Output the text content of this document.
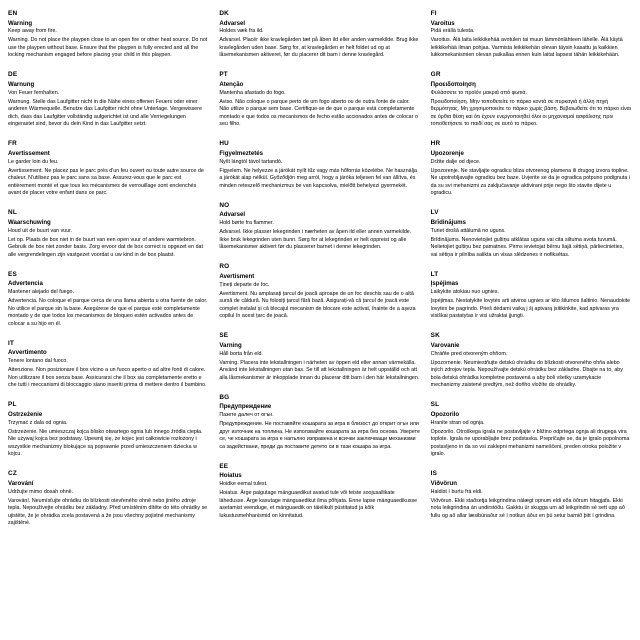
EN
Warning

Keep away from fire.

Warning. Do not place the playpen close to an open fire or other heat source. Do not use the playpen without base. Ensure that the playpen is fully erected and all the locking mechanism engaged before placing your child in this playpen.

DE
Warnung

Von Feuer fernhalten.

Warnung. Stelle das Laufgitter nicht in die Nähe eines offenen Feuers oder einer anderen Wärmequelle. Benutze das Laufgitter nicht ohne Unterlage. Vergewissere dich, dass das Laufgitter vollständig aufgerichtet ist und alle Verriegelungen eingerastet sind, bevor du dein Kind in das Laufgitter setzt.

FR
Avertissement

Le garder loin du feu.

Avertissement. Ne placez pas le parc près d'un feu ouvert ou toute autre source de chaleur. N'utilisez pas le parc sans sa base. Assurez-vous que le parc est entièrement monté et que tous les mécanismes de verrouillage sont enclenchés avant de placer votre enfant dans ce parc.

NL
Waarschuwing

Houd uit de buurt van vuur.

Let op. Plaats de box niet in de buurt van een open vuur of andere warmtebron. Gebruik de box niet zonder basis. Zorg ervoor dat de box correct is opgezet en dat alle vergrendelingen zijn vastgezet voordat u uw kind in de box plaatst.

ES
Advertencia

Mantener alejado del fuego.

Advertencia. No coloque el parque cerca de una llama abierta u otra fuente de calor. No utilice el parque sin la base. Asegúrese de que el parque esté completamente montado y de que todos los mecanismos de bloqueo estén activados antes de colocar a su hijo en él.

IT
Avvertimento

Tenere lontano dal fuoco.

Attenzione. Non posizionare il box vicino a un fuoco aperto o ad altre fonti di calore. Non utilizzare il box senza base. Assicurarsi che il box sia completamente eretto e che tutti i meccanismi di bloccaggio siano inseriti prima di mettere dentro il bambino.

PL
Ostrzeżenie

Trzymać z dala od ognia.

Ostrzeżenie. Nie umieszczaj kojca blisko otwartego ognia lub innego źródła ciepła. Nie używaj kojca bez podstawy. Upewnij się, że kojec jest całkowicie rozłożony i wszystkie mechanizmy blokujące są poprawnie przed umieszczeniem dziecka w kojcu.

CZ
Varování

Udržujte mimo dosah ohně.

Varování. Neumísťujte ohrádku do blízkosti otevřeného ohně nebo jiného zdroje tepla. Nepoužívejte ohrádku bez základny. Před umístěním dítěte do této ohrádky se ujistěte, že je ohrádka zcela postavená a že jsou všechny pojistné mechanismy zajištěné.

DK
Advarsel

Holdes væk fra ild.

Advarsel. Placér ikke kravlegården tæt på åben ild eller anden varmekilde. Brug ikke kravlegården uden base. Sørg for, at kravlegården er helt foldet ud og at låsemekanismen aktiveret, før du placerer dit barn i denne kravlegård.

PT
Atenção

Mantenha afastado do fogo.

Aviso. Não coloque o parque perto de um fogo aberto ou de outra fonte de calor. Não utilize o parque sem base. Certifique-se de que o parque está completamente montado e que todos os mecanismos de fecho estão accionados antes de colocar o seu filho.

HU
Figyelmeztetés

Nyílt lángtól távol tartandó.

Figyelem. Ne helyezze a járókát nyílt tűz vagy más hőforrás közelébe. Ne használja a járókát alap nélkül. Győződjön meg arról, hogy a járóka teljesen fel van állítva, és minden reteszelő mechanizmus be van kapcsolva, mielőtt behelyezi gyermekét.

NO
Advarsel

Hold børte fra flammer.

Advarsel. Ikke plasser lekegrinden i nærheten av åpen ild eller annen varmekilde. Ikke bruk lekegrinden uten bunn. Sørg for at lekegrinden er helt oppreist og alle låsemekanismer aktivert før du plasserer barnet i denne lekegrinden.

RO
Avertisment

Țineți departe de foc.

Avertisment. Nu amplasați țarcul de joacă aproape de un foc deschis sau de o altă sursă de căldură. Nu folosiți țarcul fără bază. Asigurați-vă că țarcul de joacă este complet instalat și că blocajul mecanism de blocare este activat, înainte de a așeza copilul în acest țarc de joacă.

SE
Varning

Håll borta från eld.

Varning. Placera inte lekstallningen i närheten av öppen eld eller annan värmekälla. Använd inte lekstallningen utan bas. Se till att lekstallningen är helt uppställd och att alla låsmekanismer är inkopplade innan du placerar ditt barn i den här lekstallningen.

BG
Предупреждение

Пазете далеч от огън.

Предупреждение. Не поставяйте кошарата за игра в близост до открит огън или друг източник на топлина. Не използвайте кошарата за игра без основа. Уверете се, че кошарата за игра е напълно изправена и всички заключващи механизми са задействани, преди да поставите детето си в тази кошара за игра.

EE
Hoiatus

Hoidke eemal tulest.

Hoiatus. Ärge paigutage mänguaedikut avatud tule või teiste soojusallikate lähedusse. Ärge kasutage mänguaedikut ilma põhjata. Enne lapse mänguaedikusse asetamist veenduge, et mänguaedik on täielikult püstitatud ja kõik lukustusmehhanismid on kinnitatud.

FI
Varoitus

Pidä erällä tulesta.

Varoitus. Älä laita leikkikehää avotulen tai muun lämmönlähteen lähelle. Älä käytä leikkikehää ilman pohjaa. Varmista leikkikehän olevan täysin kasattu ja kaikkien lukkomekanismien olevan paikallaa ennen kuin laitat lapsesi tähän leikkikehään.

GR
Προειδοποίηση

Φυλάσσετε το προϊόν μακριά από φωτιά.

Προειδοποίηση. Μην τοποθετείτε το πάρκο κοντά σε πυρκαγιά ή άλλη πηγή θερμότητας. Μη χρησιμοποιείτε το πάρκο χωρίς βάση. Βεβαιωθείτε ότι το πάρκο είναι σε όρθια θέση και ότι έχουν ενεργοποιηθεί όλοι οι μηχανισμοί ασφάλισης πριν τοποθετήσετε το παιδί σας σε αυτό το πάρκο.

HR
Upozorenje

Držite dalje od djece.

Upozorenje. Ne stavljajte ogradicu bliza otvorenog plamena ili drugog izvora topline. Ne upotrebljavajte ogradicu bez baze. Uvjerite se da je ogradica potpuno podignuta i da su svi mehanizmi za zaključavanje aktivirani prije nego što stavite dijete u ogradicu.

LV
Brīdinājums

Turiet drošā attālumā no uguns.

Brīdinājums. Nenovietojiet gultiņu atklātas uguns vai cita siltuma avota tuvumā. Nelietojiet gultiņu bez pamatnes. Pirms ievietojat bērnu šajā sētiņā, pārliecinieties, vai sētiņa ir pilnība salikta un visas slēdzenes ir nofiksētas.

LT
Įspėjimas

Laikykite atokiau nuo ugnies.

Įspėjimas. Nestatykite lovytės arti atviros ugnies ar kito šilumos šaltinio. Nenaudokite lovytės be pagrindo. Prieš dėdami vaiką į šį aptvarą įsitikinkite, kad aptvaras yra visiškai pastatytas ir visi užraktai įjungti.

SK
Varovanie

Chráňte pred otvoreným ohňom.

Upozornenie. Neumiestňujte detskú ohrádku do blízkosti otvoreného ohňa alebo iných zdrojov tepla. Nepoužívajte detskú ohrádku bez základne. Dbajte na to, aby bola detská ohrádka kompletne postavená a aby boli všetky uzamykacie mechanizmy zaistené predtým, než doňho vložíte do ohrádky.

SL
Opozorilo

Hranite stran od ognja.

Opozorilo. Otroškega igrala ne postavljajte v bližino odprtega ognja ali drugega vira toplote. Igrala ne uporabljajte brez podstavka. Prepričajte se, da je igralo popolnoma postavljeno in da so vsi zaklepni mehanizmi nameščeni, preden otroka položite v igralo.

IS
Viðvörun

Haldist í burtu frá eldi.

Viðvörun. Ekki staðsetja leikgrindina nálægt opnum eldi eða öðrum hitagjafa. Ekki nota leikgrindina án undirstöðu. Gakktu úr skugga um að leikgrindin sé sett upp að fullu og að allar læsibúnaður sé í notkun áður en þú setur barnið þitt í grindina.
